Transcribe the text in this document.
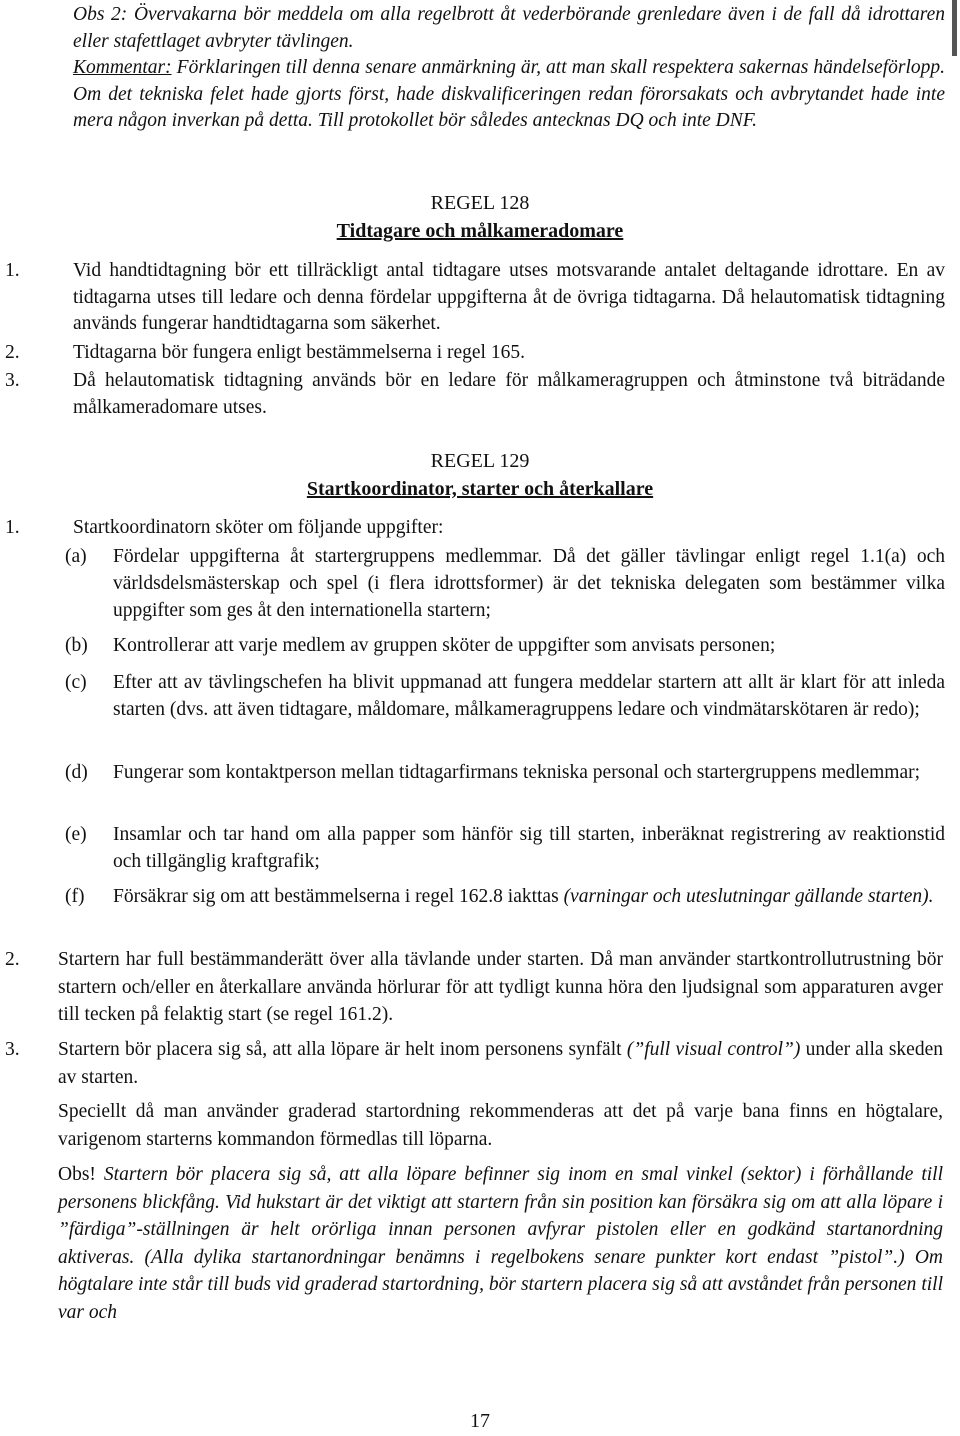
Obs 2: Övervakarna bör meddela om alla regelbrott åt vederbörande grenledare även i de fall då idrottaren eller stafettlaget avbryter tävlingen.
Kommentar: Förklaringen till denna senare anmärkning är, att man skall respektera sakernas händelseförlopp. Om det tekniska felet hade gjorts först, hade diskvalificeringen redan förorsakats och avbrytandet hade inte mera någon inverkan på detta. Till protokollet bör således antecknas DQ och inte DNF.

REGEL 128
Tidtagare och målkameradomare
1.	Vid handtidtagning bör ett tillräckligt antal tidtagare utses motsvarande antalet deltagande idrottare. En av tidtagarna utses till ledare och denna fördelar uppgifterna åt de övriga tidtagarna. Då helautomatisk tidtagning används fungerar handtidtagarna som säkerhet.
2.	Tidtagarna bör fungera enligt bestämmelserna i regel 165.
3.	Då helautomatisk tidtagning används bör en ledare för målkameragruppen och åtminstone två biträdande målkameradomare utses.
REGEL 129
Startkoordinator, starter och återkallare
1.	Startkoordinatorn sköter om följande uppgifter:
(a) Fördelar uppgifterna åt startergruppens medlemmar. Då det gäller tävlingar enligt regel 1.1(a) och världsdelsmästerskap och spel (i flera idrottsformer) är det tekniska delegaten som bestämmer vilka uppgifter som ges åt den internationella startern;
(b) Kontrollerar att varje medlem av gruppen sköter de uppgifter som anvisats personen;
(c) Efter att av tävlingschefen ha blivit uppmanad att fungera meddelar startern att allt är klart för att inleda starten (dvs. att även tidtagare, måldomare, målkameragruppens ledare och vindmätarskötaren är redo);
(d) Fungerar som kontaktperson mellan tidtagarfirmans tekniska personal och startergruppens medlemmar;
(e) Insamlar och tar hand om alla papper som hänför sig till starten, inberäknat registrering av reaktionstid och tillgänglig kraftgrafik;
(f) Försäkrar sig om att bestämmelserna i regel 162.8 iakttas (varningar och uteslutningar gällande starten).
2. Startern har full bestämmanderätt över alla tävlande under starten. Då man använder startkontrollutrustning bör startern och/eller en återkallare använda hörlurar för att tydligt kunna höra den ljudsignal som apparaturen avger till tecken på felaktig start (se regel 161.2).
3. Startern bör placera sig så, att alla löpare är helt inom personens synfält (”full visual control”) under alla skeden av starten.

Speciellt då man använder graderad startordning rekommenderas att det på varje bana finns en högtalare, varigenom starterns kommandon förmedlas till löparna.

Obs! Startern bör placera sig så, att alla löpare befinner sig inom en smal vinkel (sektor) i förhållande till personens blickfång. Vid hukstart är det viktigt att startern från sin position kan försäkra sig om att alla löpare i ”färdiga”-ställningen är helt orörliga innan personen avfyrar pistolen eller en godkänd startanordning aktiveras. (Alla dylika startanordningar benämns i regelbokens senare punkter kort endast ”pistol”.) Om högtalare inte står till buds vid graderad startordning, bör startern placera sig så att avståndet från personen till var och

17
